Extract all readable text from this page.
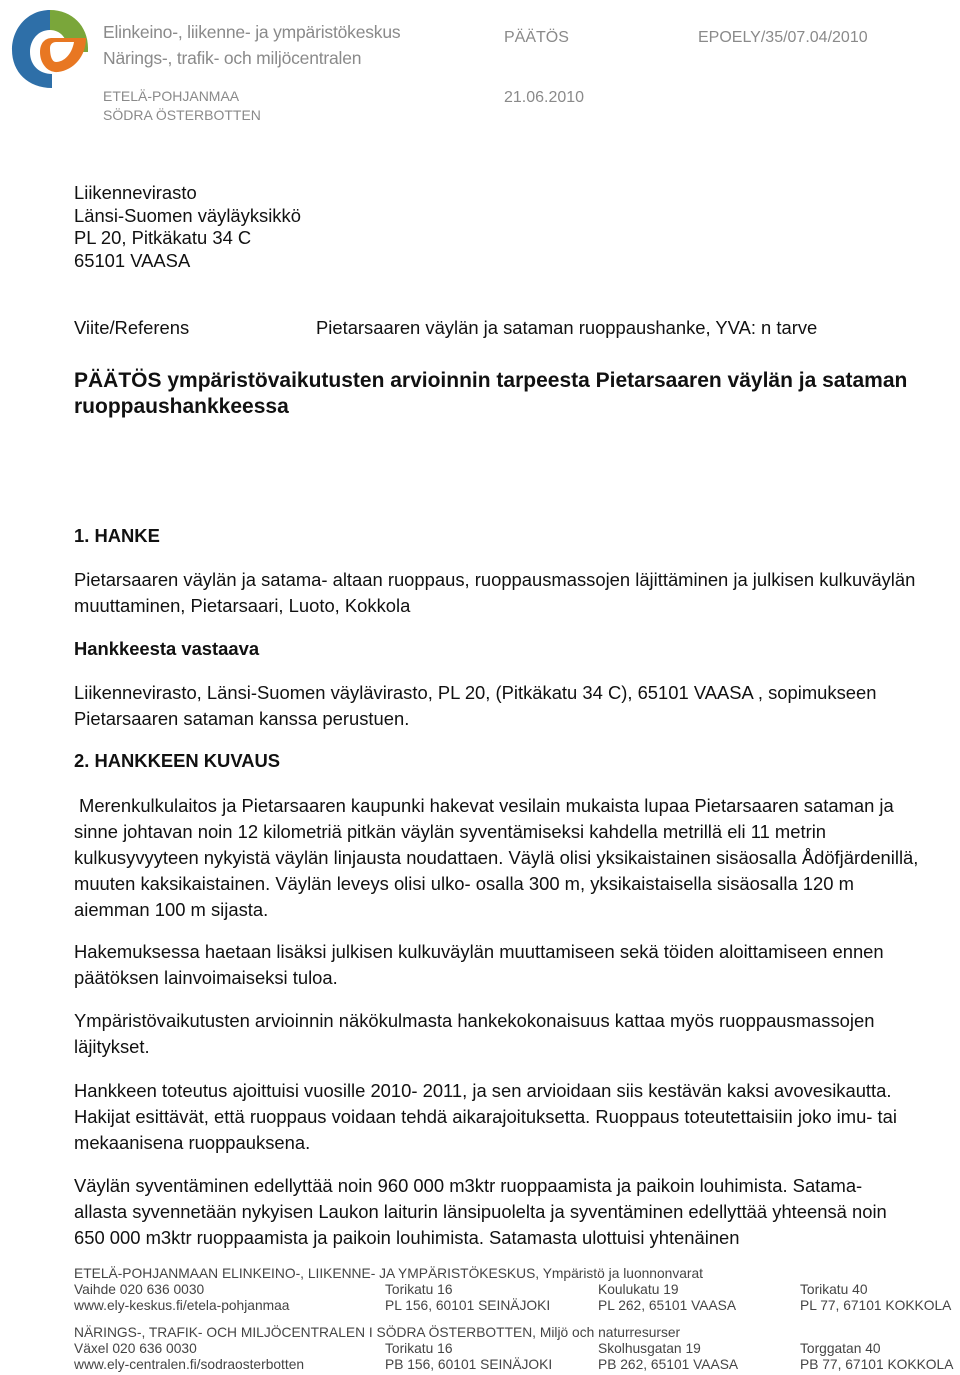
Elinkeino-, liikenne- ja ympäristökeskus
Närings-, trafik- och miljöcentralen
ETELÄ-POHJANMAA
SÖDRA ÖSTERBOTTEN
PÄÄTÖS	EPOELY/35/07.04/2010
21.06.2010
Liikennevirasto
Länsi-Suomen väyläyksikkö
PL 20, Pitkäkatu 34 C
65101 VAASA
Viite/Referens	Pietarsaaren väylän ja sataman ruoppaushanke, YVA: n tarve
PÄÄTÖS ympäristövaikutusten arvioinnin tarpeesta Pietarsaaren väylän ja sataman ruoppaushankkeessa
1. HANKE
Pietarsaaren väylän ja satama- altaan ruoppaus, ruoppausmassojen läjittäminen ja julkisen kulkuväylän muuttaminen, Pietarsaari, Luoto, Kokkola
Hankkeesta vastaava
Liikennevirasto, Länsi-Suomen väylävirasto, PL 20, (Pitkäkatu 34 C), 65101 VAASA , sopimukseen Pietarsaaren sataman kanssa perustuen.
2. HANKKEEN KUVAUS
Merenkulkulaitos ja Pietarsaaren kaupunki hakevat vesilain mukaista lupaa Pietarsaaren sataman ja sinne johtavan noin 12 kilometriä pitkän väylän syventämiseksi kahdella metrillä eli 11 metrin kulkusyvyyteen nykyistä väylän linjausta noudattaen. Väylä olisi yksikaistainen sisäosalla Ådöfjärdenillä, muuten kaksikaistainen. Väylän leveys olisi ulko- osalla 300 m, yksikaistaisella sisäosalla 120 m aiemman 100 m sijasta.
Hakemuksessa haetaan lisäksi julkisen kulkuväylän muuttamiseen sekä töiden aloittamiseen ennen päätöksen lainvoimaiseksi tuloa.
Ympäristövaikutusten arvioinnin näkökulmasta hankekokonaisuus kattaa myös ruoppausmassojen läjitykset.
Hankkeen toteutus ajoittuisi vuosille 2010- 2011, ja sen arvioidaan siis kestävän kaksi avovesikautta. Hakijat esittävät, että ruoppaus voidaan tehdä aikarajoituksetta. Ruoppaus toteutettaisiin joko imu- tai mekaanisena ruoppauksena.
Väylän syventäminen edellyttää noin 960 000 m3ktr ruoppaamista ja paikoin louhimista. Satama- allasta syvennetään nykyisen Laukon laiturin länsipuolelta ja syventäminen edellyttää yhteensä noin 650 000 m3ktr ruoppaamista ja paikoin louhimista. Satamasta ulottuisi yhtenäinen
ETELÄ-POHJANMAAN ELINKEINO-, LIIKENNE- JA YMPÄRISTÖKESKUS, Ympäristö ja luonnonvarat
Vaihde 020 636 0030	Torikatu 16	Koulukatu 19	Torikatu 40
www.ely-keskus.fi/etela-pohjanmaa	PL 156, 60101 SEINÄJOKI	PL 262, 65101 VAASA	PL 77, 67101 KOKKOLA
NÄRINGS-, TRAFIK- OCH MILJÖCENTRALEN I SÖDRA ÖSTERBOTTEN, Miljö och naturresurser
Växel 020 636 0030	Torikatu 16	Skolhusgatan 19	Torggatan 40
www.ely-centralen.fi/sodraosterbotten	PB 156, 60101 SEINÄJOKI	PB 262, 65101 VAASA	PB 77, 67101 KOKKOLA
